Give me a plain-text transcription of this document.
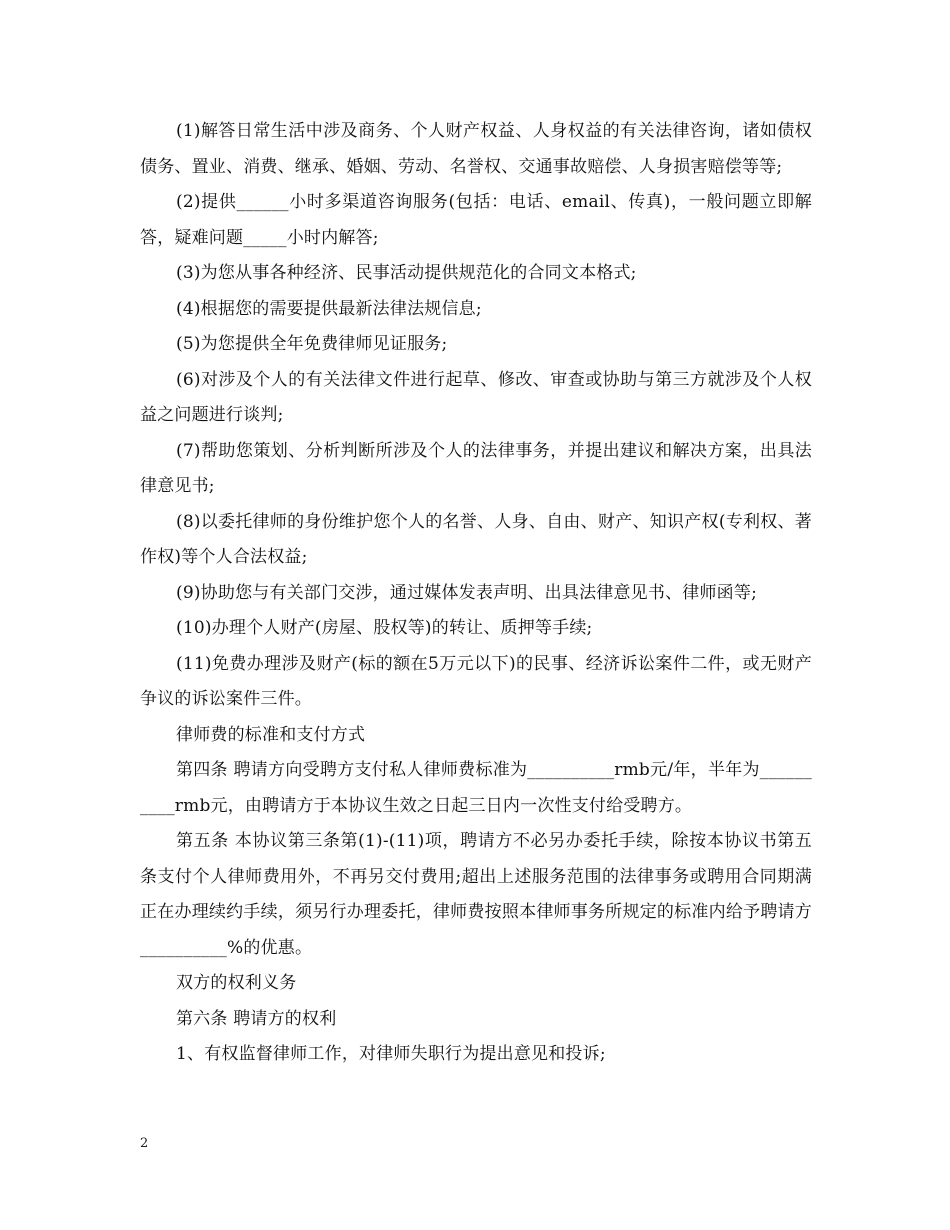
(1)解答日常生活中涉及商务、个人财产权益、人身权益的有关法律咨询，诸如债权债务、置业、消费、继承、婚姻、劳动、名誉权、交通事故赔偿、人身损害赔偿等等;

(2)提供______小时多渠道咨询服务(包括：电话、email、传真)，一般问题立即解答，疑难问题_____小时内解答;

(3)为您从事各种经济、民事活动提供规范化的合同文本格式;

(4)根据您的需要提供最新法律法规信息;

(5)为您提供全年免费律师见证服务;

(6)对涉及个人的有关法律文件进行起草、修改、审查或协助与第三方就涉及个人权益之问题进行谈判;

(7)帮助您策划、分析判断所涉及个人的法律事务，并提出建议和解决方案，出具法律意见书;

(8)以委托律师的身份维护您个人的名誉、人身、自由、财产、知识产权(专利权、著作权)等个人合法权益;

(9)协助您与有关部门交涉，通过媒体发表声明、出具法律意见书、律师函等;

(10)办理个人财产(房屋、股权等)的转让、质押等手续;

(11)免费办理涉及财产(标的额在5万元以下)的民事、经济诉讼案件二件，或无财产争议的诉讼案件三件。

律师费的标准和支付方式

第四条 聘请方向受聘方支付私人律师费标准为__________rmb元/年，半年为__________rmb元，由聘请方于本协议生效之日起三日内一次性支付给受聘方。

第五条 本协议第三条第(1)-(11)项，聘请方不必另办委托手续，除按本协议书第五条支付个人律师费用外，不再另交付费用;超出上述服务范围的法律事务或聘用合同期满正在办理续约手续，须另行办理委托，律师费按照本律师事务所规定的标准内给予聘请方__________%的优惠。

双方的权利义务

第六条 聘请方的权利

1、有权监督律师工作，对律师失职行为提出意见和投诉;

2
